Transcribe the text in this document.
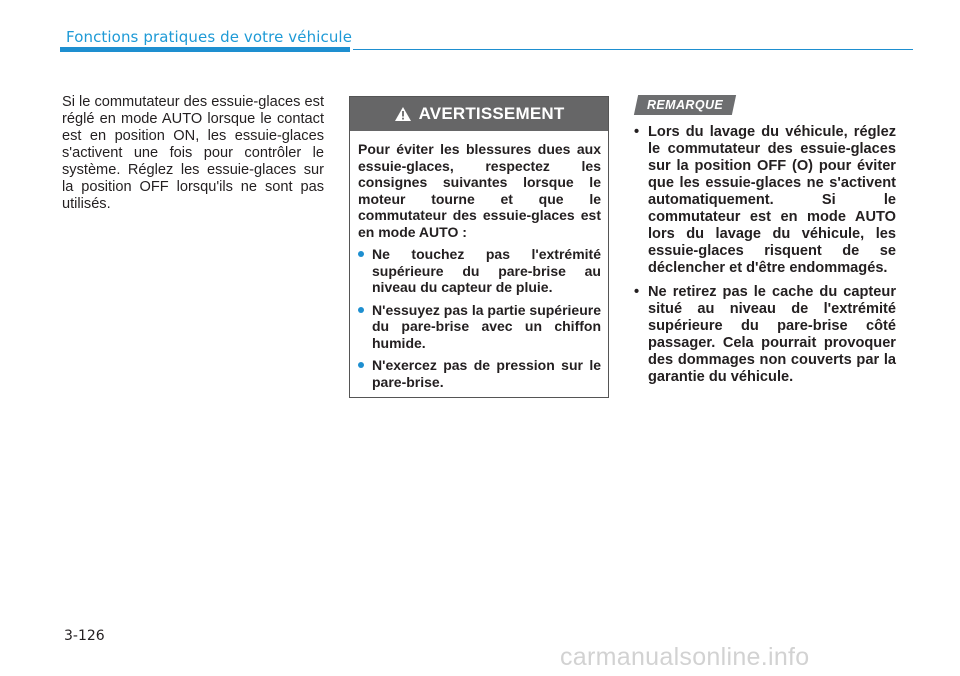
Fonctions pratiques de votre véhicule
Si le commutateur des essuie-glaces est réglé en mode AUTO lorsque le contact est en position ON, les essuie-glaces s'activent une fois pour contrôler le système. Réglez les essuie-glaces sur la position OFF lorsqu'ils ne sont pas utilisés.
AVERTISSEMENT

Pour éviter les blessures dues aux essuie-glaces, respectez les consignes suivantes lorsque le moteur tourne et que le commutateur des essuie-glaces est en mode AUTO :

Ne touchez pas l'extrémité supérieure du pare-brise au niveau du capteur de pluie.
N'essuyez pas la partie supérieure du pare-brise avec un chiffon humide.
N'exercez pas de pression sur le pare-brise.
REMARQUE
• Lors du lavage du véhicule, réglez le commutateur des essuie-glaces sur la position OFF (O) pour éviter que les essuie-glaces ne s'activent automatiquement. Si le commutateur est en mode AUTO lors du lavage du véhicule, les essuie-glaces risquent de se déclencher et d'être endommagés.
• Ne retirez pas le cache du capteur situé au niveau de l'extrémité supérieure du pare-brise côté passager. Cela pourrait provoquer des dommages non couverts par la garantie du véhicule.
3-126
carmanualsonline.info
